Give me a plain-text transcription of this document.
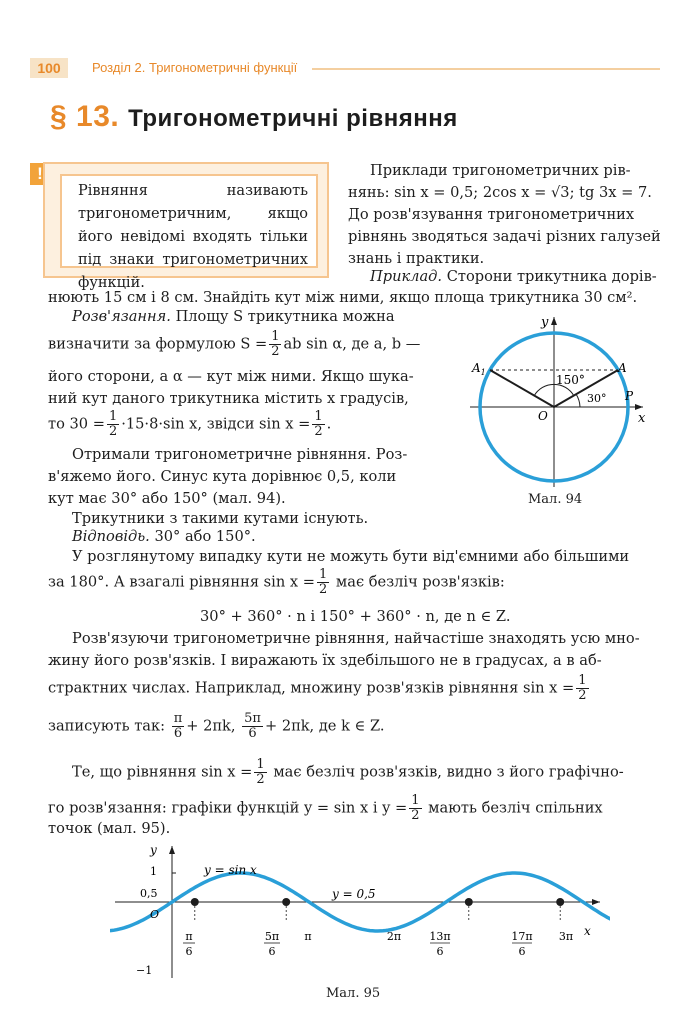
100	Розділ 2. Тригонометричні функції
§ 13. Тригонометричні рівняння
!
Рівняння називають тригонометричним, якщо його невідомі входять тільки під знаки тригонометричних функцій.
Приклади тригонометричних рів-
нянь: sin x = 0,5; 2cos x = √3; tg 3x = 7.
До розв'язування тригонометричних
рівнянь зводяться задачі різних галузей
знань і практики.
Приклад. Сторони трикутника дорів-
нюють 15 см і 8 см. Знайдіть кут між ними, якщо площа трикутника 30 см².
Розв'язання. Площу S трикутника можна
визначити за формулою $S = \frac{1}{2}$ ab sin α, де a, b —
його сторони, а α — кут між ними. Якщо шука-
ний кут даного трикутника містить x градусів,
то $30 = \frac{1}{2} \cdot 15\cdot 8\cdot\sin$ x, звідси $\sin x = \frac{1}{2}$ .
Отримали тригонометричне рівняння. Роз-
в'яжемо його. Синус кута дорівнює 0,5, коли
кут має 30° або 150° (мал. 94).
Трикутники з такими кутами існують.
Відповідь. 30° або 150°.
y
x
O
P
A
$A_1$
150°
30°
Мал. 94
У розглянутому випадку кути не можуть бути від'ємними або більшими
за 180°. А взагалі рівняння $\sin x = \frac{1}{2}$ має безліч розв'язків:
30° + 360° · n і 150° + 360° · n, де n ∈ Z.
Розв'язуючи тригонометричне рівняння, найчастіше знаходять усю мно-
жину його розв'язків. І виражають їх здебільшого не в градусах, а в аб-
страктних числах. Наприклад, множину розв'язків рівняння $\sin x = \frac{1}{2}$
записують так: $\frac{\pi}{6} + 2\pi k$, $\frac{5\pi}{6} + 2\pi k$, де k ∈ Z.
Те, що рівняння $\sin x = \frac{1}{2}$ має безліч розв'язків, видно з його графічно-
го розв'язання: графіки функцій y = sin x і $y = \frac{1}{2}$ мають безліч спільних
точок (мал. 95).
y
x
O
1
0,5
−1
y = sin x
y = 0,5
π
6
5π
6
π	2π	13π
6
17π
6
3π
Мал. 95
